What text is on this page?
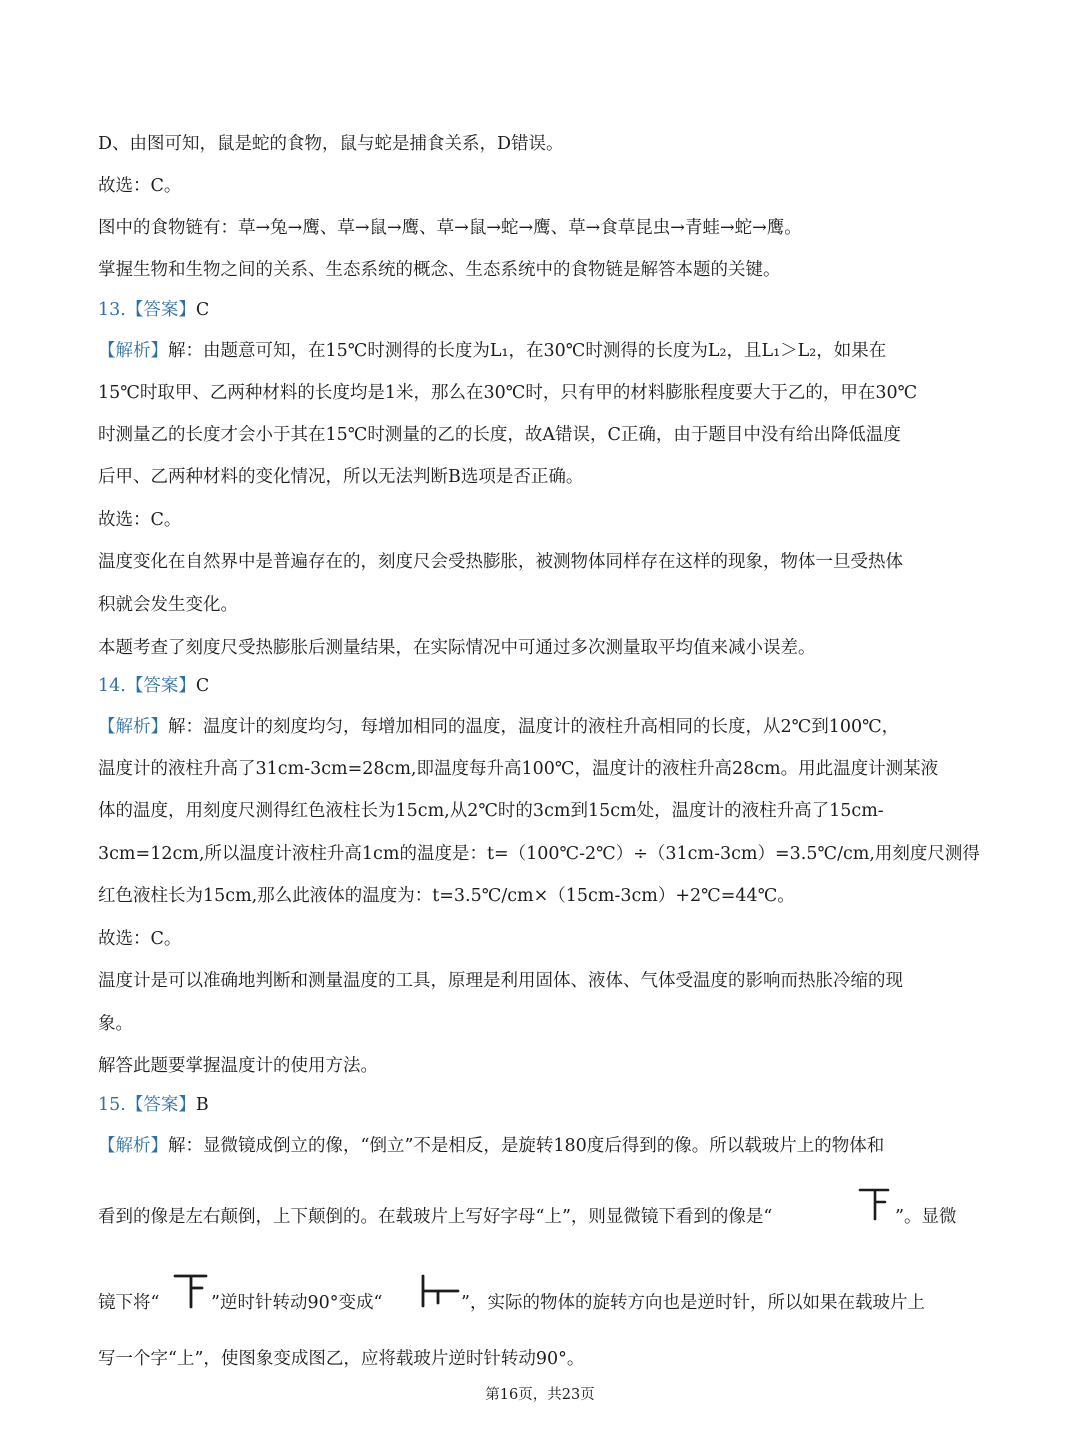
D、由图可知，鼠是蛇的食物，鼠与蛇是捕食关系，D错误。
故选：C。
图中的食物链有：草→兔→鹰、草→鼠→鹰、草→鼠→蛇→鹰、草→食草昆虫→青蛙→蛇→鹰。
掌握生物和生物之间的关系、生态系统的概念、生态系统中的食物链是解答本题的关键。
13.【答案】C
【解析】解：由题意可知，在15℃时测得的长度为L₁，在30℃时测得的长度为L₂，且L₁＞L₂，如果在
15℃时取甲、乙两种材料的长度均是1米，那么在30℃时，只有甲的材料膨胀程度要大于乙的，甲在30℃
时测量乙的长度才会小于其在15℃时测量的乙的长度，故A错误，C正确，由于题目中没有给出降低温度
后甲、乙两种材料的变化情况，所以无法判断B选项是否正确。
故选：C。
温度变化在自然界中是普遍存在的，刻度尺会受热膨胀，被测物体同样存在这样的现象，物体一旦受热体
积就会发生变化。
本题考查了刻度尺受热膨胀后测量结果，在实际情况中可通过多次测量取平均值来减小误差。
14.【答案】C
【解析】解：温度计的刻度均匀，每增加相同的温度，温度计的液柱升高相同的长度，从2℃到100℃，
温度计的液柱升高了31cm-3cm=28cm,即温度每升高100℃，温度计的液柱升高28cm。用此温度计测某液
体的温度，用刻度尺测得红色液柱长为15cm,从2℃时的3cm到15cm处，温度计的液柱升高了15cm-
3cm=12cm,所以温度计液柱升高1cm的温度是：t=（100℃-2℃）÷（31cm-3cm）=3.5℃/cm,用刻度尺测得
红色液柱长为15cm,那么此液体的温度为：t=3.5℃/cm×（15cm-3cm）+2℃=44℃。
故选：C。
温度计是可以准确地判断和测量温度的工具，原理是利用固体、液体、气体受温度的影响而热胀冷缩的现
象。
解答此题要掌握温度计的使用方法。
15.【答案】B
【解析】解：显微镜成倒立的像，“倒立”不是相反，是旋转180度后得到的像。所以载玻片上的物体和
看到的像是左右颠倒，上下颠倒的。在载玻片上写好字母“上”，则显微镜下看到的像是“	”。显微
镜下将“	”逆时针转动90°变成“	”，实际的物体的旋转方向也是逆时针，所以如果在载玻片上
写一个字“上”，使图象变成图乙，应将载玻片逆时针转动90°。
第16页，共23页
